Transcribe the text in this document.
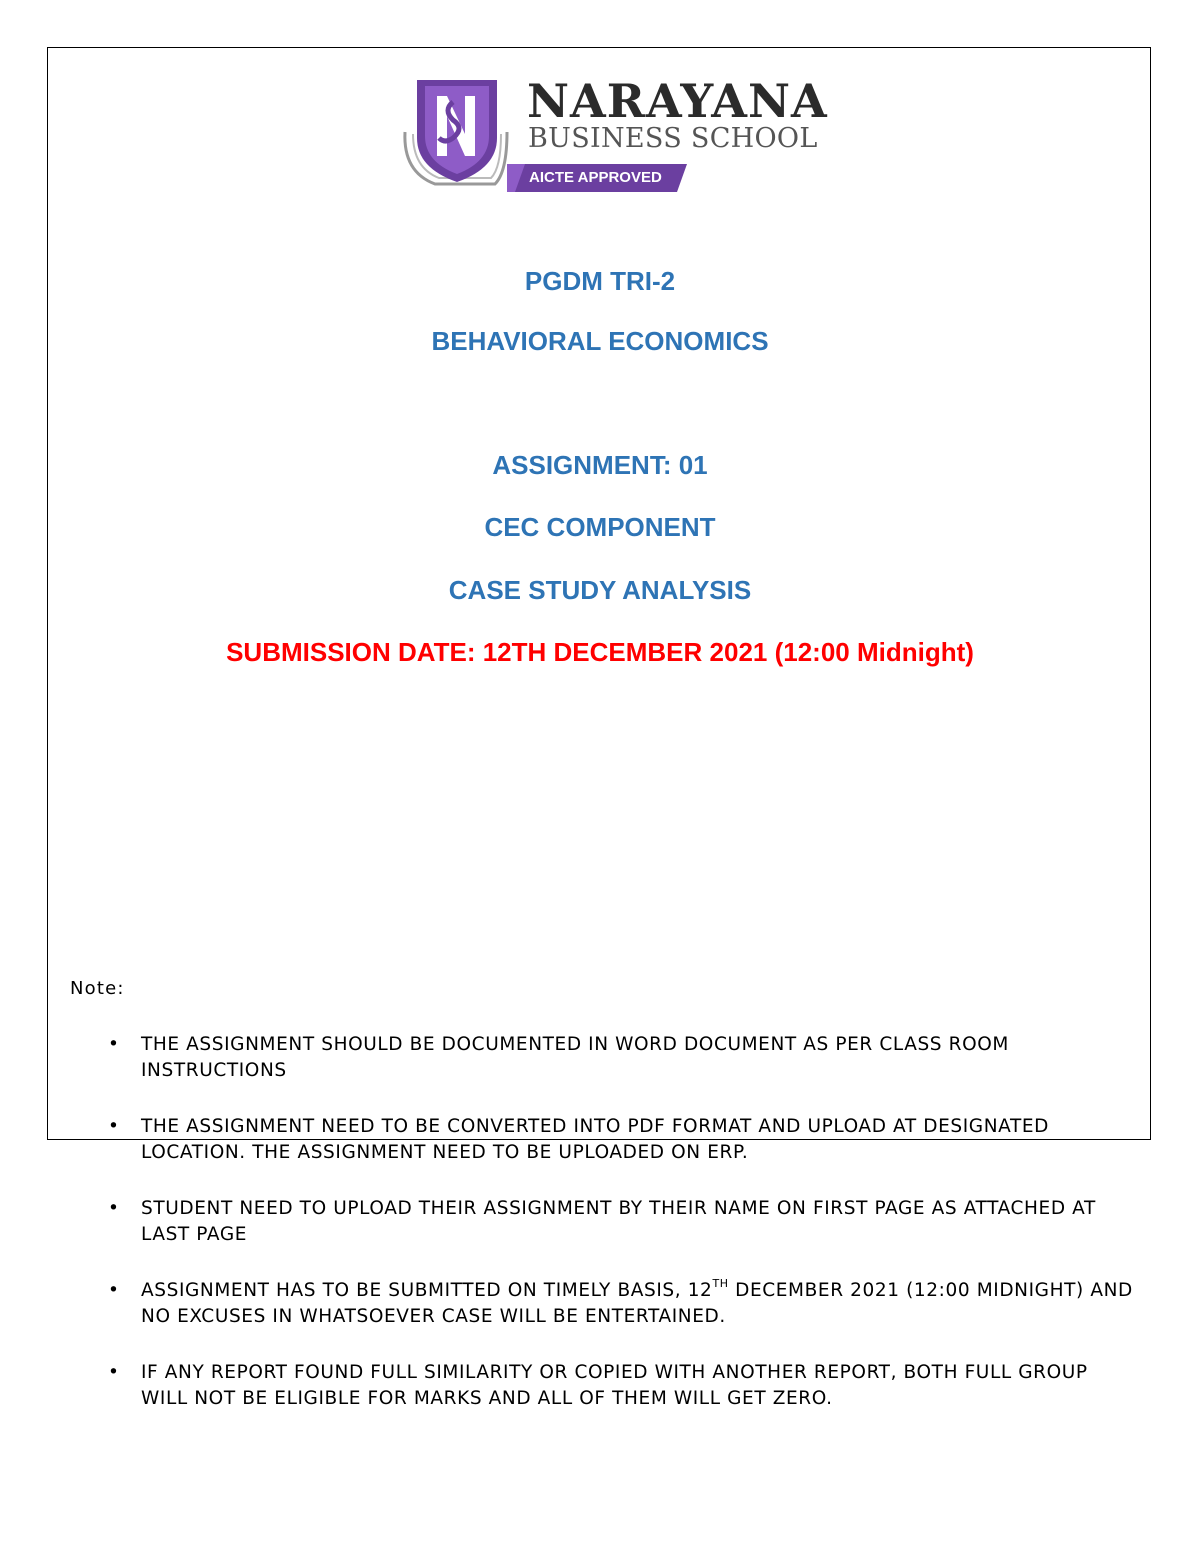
NARAYANA
BUSINESS SCHOOL
AICTE APPROVED
PGDM TRI-2
BEHAVIORAL ECONOMICS
ASSIGNMENT: 01
CEC COMPONENT
CASE STUDY ANALYSIS
SUBMISSION DATE: 12TH DECEMBER 2021 (12:00 Midnight)
Note:
• THE ASSIGNMENT SHOULD BE DOCUMENTED IN WORD DOCUMENT AS PER CLASS ROOM INSTRUCTIONS
• THE ASSIGNMENT NEED TO BE CONVERTED INTO PDF FORMAT AND UPLOAD AT DESIGNATED LOCATION. THE ASSIGNMENT NEED TO BE UPLOADED ON ERP.
• STUDENT NEED TO UPLOAD THEIR ASSIGNMENT BY THEIR NAME ON FIRST PAGE AS ATTACHED AT LAST PAGE
• ASSIGNMENT HAS TO BE SUBMITTED ON TIMELY BASIS, 12TH DECEMBER 2021 (12:00 MIDNIGHT) AND NO EXCUSES IN WHATSOEVER CASE WILL BE ENTERTAINED.
• IF ANY REPORT FOUND FULL SIMILARITY OR COPIED WITH ANOTHER REPORT, BOTH FULL GROUP WILL NOT BE ELIGIBLE FOR MARKS AND ALL OF THEM WILL GET ZERO.
